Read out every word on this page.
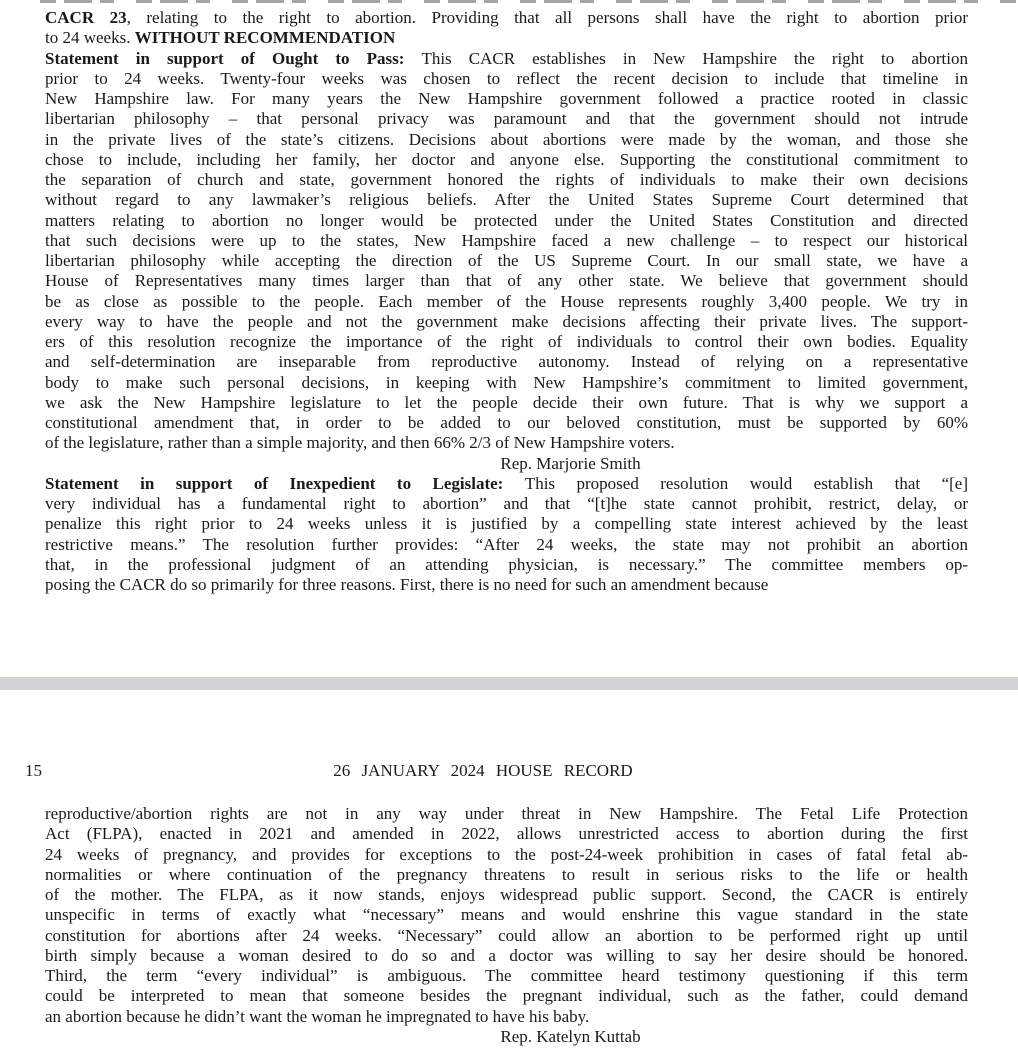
CACR 23, relating to the right to abortion. Providing that all persons shall have the right to abortion prior
to 24 weeks. WITHOUT RECOMMENDATION
Statement in support of Ought to Pass: This CACR establishes in New Hampshire the right to abortion
prior to 24 weeks. Twenty-four weeks was chosen to reflect the recent decision to include that timeline in
New Hampshire law. For many years the New Hampshire government followed a practice rooted in classic
libertarian philosophy – that personal privacy was paramount and that the government should not intrude
in the private lives of the state’s citizens. Decisions about abortions were made by the woman, and those she
chose to include, including her family, her doctor and anyone else. Supporting the constitutional commitment to
the separation of church and state, government honored the rights of individuals to make their own decisions
without regard to any lawmaker’s religious beliefs. After the United States Supreme Court determined that
matters relating to abortion no longer would be protected under the United States Constitution and directed
that such decisions were up to the states, New Hampshire faced a new challenge – to respect our historical
libertarian philosophy while accepting the direction of the US Supreme Court. In our small state, we have a
House of Representatives many times larger than that of any other state. We believe that government should
be as close as possible to the people. Each member of the House represents roughly 3,400 people. We try in
every way to have the people and not the government make decisions affecting their private lives. The support-
ers of this resolution recognize the importance of the right of individuals to control their own bodies. Equality
and self-determination are inseparable from reproductive autonomy. Instead of relying on a representative
body to make such personal decisions, in keeping with New Hampshire’s commitment to limited government,
we ask the New Hampshire legislature to let the people decide their own future. That is why we support a
constitutional amendment that, in order to be added to our beloved constitution, must be supported by 60%
of the legislature, rather than a simple majority, and then 66% 2/3 of New Hampshire voters.
Rep. Marjorie Smith
Statement in support of Inexpedient to Legislate: This proposed resolution would establish that “[e]
very individual has a fundamental right to abortion” and that “[t]he state cannot prohibit, restrict, delay, or
penalize this right prior to 24 weeks unless it is justified by a compelling state interest achieved by the least
restrictive means.” The resolution further provides: “After 24 weeks, the state may not prohibit an abortion
that, in the professional judgment of an attending physician, is necessary.” The committee members op-
posing the CACR do so primarily for three reasons. First, there is no need for such an amendment because
15	26 JANUARY 2024 HOUSE RECORD
reproductive/abortion rights are not in any way under threat in New Hampshire. The Fetal Life Protection
Act (FLPA), enacted in 2021 and amended in 2022, allows unrestricted access to abortion during the first
24 weeks of pregnancy, and provides for exceptions to the post-24-week prohibition in cases of fatal fetal ab-
normalities or where continuation of the pregnancy threatens to result in serious risks to the life or health
of the mother. The FLPA, as it now stands, enjoys widespread public support. Second, the CACR is entirely
unspecific in terms of exactly what “necessary” means and would enshrine this vague standard in the state
constitution for abortions after 24 weeks. “Necessary” could allow an abortion to be performed right up until
birth simply because a woman desired to do so and a doctor was willing to say her desire should be honored.
Third, the term “every individual” is ambiguous. The committee heard testimony questioning if this term
could be interpreted to mean that someone besides the pregnant individual, such as the father, could demand
an abortion because he didn’t want the woman he impregnated to have his baby.
Rep. Katelyn Kuttab
